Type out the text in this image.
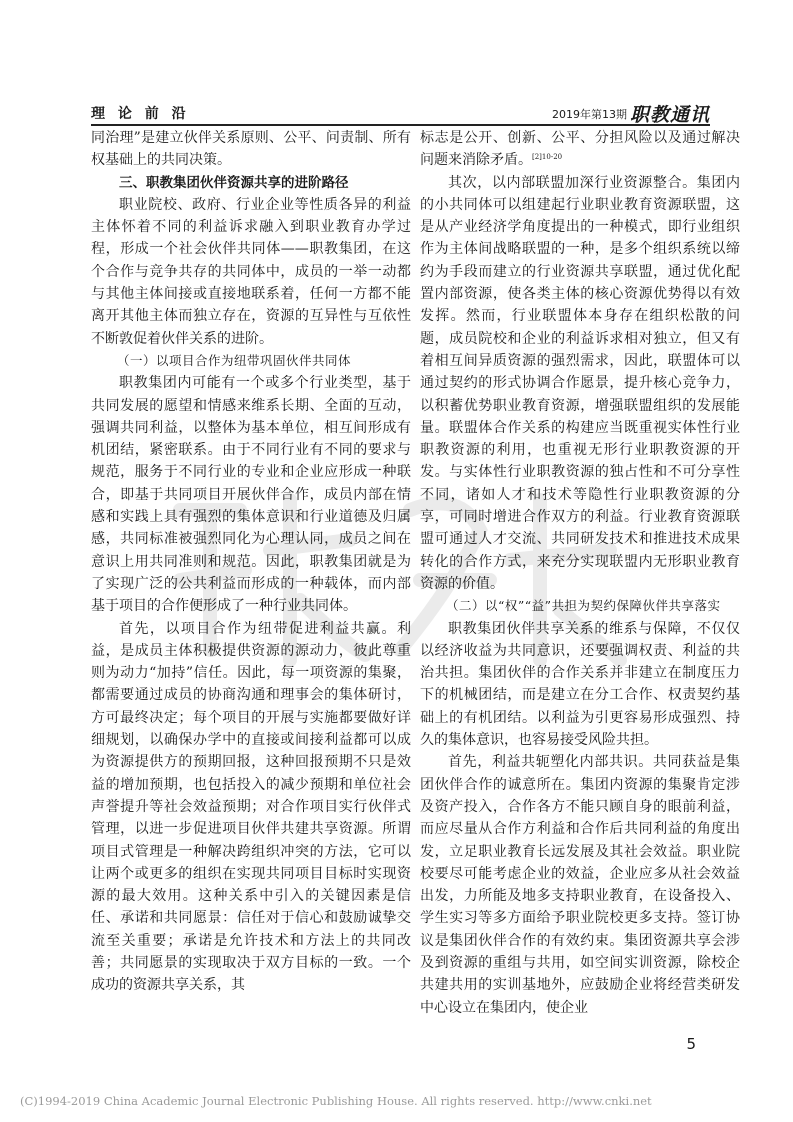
理 论 前 沿	2019年第13期 职教通讯

同治理”是建立伙伴关系原则、公平、问责制、所有权基础上的共同决策。

三、职教集团伙伴资源共享的进阶路径

职业院校、政府、行业企业等性质各异的利益主体怀着不同的利益诉求融入到职业教育办学过程，形成一个社会伙伴共同体——职教集团，在这个合作与竞争共存的共同体中，成员的一举一动都与其他主体间接或直接地联系着，任何一方都不能离开其他主体而独立存在，资源的互异性与互依性不断敦促着伙伴关系的进阶。

（一）以项目合作为纽带巩固伙伴共同体

职教集团内可能有一个或多个行业类型，基于共同发展的愿望和情感来维系长期、全面的互动，强调共同利益，以整体为基本单位，相互间形成有机团结，紧密联系。由于不同行业有不同的要求与规范，服务于不同行业的专业和企业应形成一种联合，即基于共同项目开展伙伴合作，成员内部在情感和实践上具有强烈的集体意识和行业道德及归属感，共同标准被强烈同化为心理认同，成员之间在意识上用共同准则和规范。因此，职教集团就是为了实现广泛的公共利益而形成的一种载体，而内部基于项目的合作便形成了一种行业共同体。

首先，以项目合作为纽带促进利益共赢。利益，是成员主体积极提供资源的源动力，彼此尊重则为动力“加持”信任。因此，每一项资源的集聚，都需要通过成员的协商沟通和理事会的集体研讨，方可最终决定；每个项目的开展与实施都要做好详细规划，以确保办学中的直接或间接利益都可以成为资源提供方的预期回报，这种回报预期不只是效益的增加预期，也包括投入的减少预期和单位社会声誉提升等社会效益预期；对合作项目实行伙伴式管理，以进一步促进项目伙伴共建共享资源。所谓项目式管理是一种解决跨组织冲突的方法，它可以让两个或更多的组织在实现共同项目目标时实现资源的最大效用。这种关系中引入的关键因素是信任、承诺和共同愿景：信任对于信心和鼓励诚挚交流至关重要；承诺是允许技术和方法上的共同改善；共同愿景的实现取决于双方目标的一致。一个成功的资源共享关系，其

标志是公开、创新、公平、分担风险以及通过解决问题来消除矛盾。$^{[2]10-20}$

其次，以内部联盟加深行业资源整合。集团内的小共同体可以组建起行业职业教育资源联盟，这是从产业经济学角度提出的一种模式，即行业组织作为主体间战略联盟的一种，是多个组织系统以缔约为手段而建立的行业资源共享联盟，通过优化配置内部资源，使各类主体的核心资源优势得以有效发挥。然而，行业联盟体本身存在组织松散的问题，成员院校和企业的利益诉求相对独立，但又有着相互间异质资源的强烈需求，因此，联盟体可以通过契约的形式协调合作愿景，提升核心竞争力，以积蓄优势职业教育资源，增强联盟组织的发展能量。联盟体合作关系的构建应当既重视实体性行业职教资源的利用，也重视无形行业职教资源的开发。与实体性行业职教资源的独占性和不可分享性不同，诸如人才和技术等隐性行业职教资源的分享，可同时增进合作双方的利益。行业教育资源联盟可通过人才交流、共同研发技术和推进技术成果转化的合作方式，来充分实现联盟内无形职业教育资源的价值。

（二）以“权”“益”共担为契约保障伙伴共享落实

职教集团伙伴共享关系的维系与保障，不仅仅以经济收益为共同意识，还要强调权责、利益的共治共担。集团伙伴的合作关系并非建立在制度压力下的机械团结，而是建立在分工合作、权责契约基础上的有机团结。以利益为引更容易形成强烈、持久的集体意识，也容易接受风险共担。

首先，利益共轭塑化内部共识。共同获益是集团伙伴合作的诚意所在。集团内资源的集聚肯定涉及资产投入，合作各方不能只顾自身的眼前利益，而应尽量从合作方利益和合作后共同利益的角度出发，立足职业教育长远发展及其社会效益。职业院校要尽可能考虑企业的效益，企业应多从社会效益出发，力所能及地多支持职业教育，在设备投入、学生实习等多方面给予职业院校更多支持。签订协议是集团伙伴合作的有效约束。集团资源共享会涉及到资源的重组与共用，如空间实训资源，除校企共建共用的实训基地外，应鼓励企业将经营类研发中心设立在集团内，使企业

5
(C)1994-2019 China Academic Journal Electronic Publishing House. All rights reserved. http://www.cnki.net
